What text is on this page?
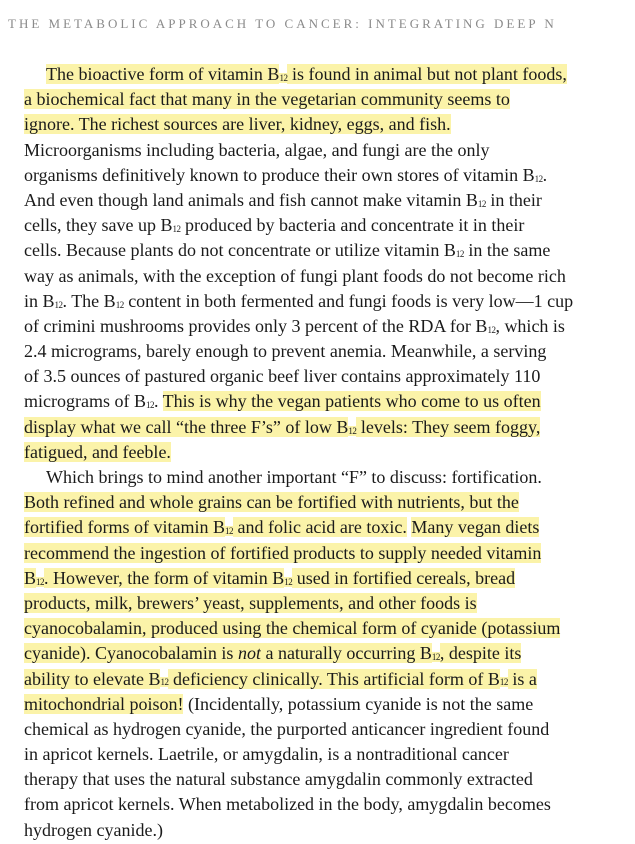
THE METABOLIC APPROACH TO CANCER: INTEGRATING DEEP N
The bioactive form of vitamin $B_{12}$ is found in animal but not plant foods,
a biochemical fact that many in the vegetarian community seems to
ignore. The richest sources are liver, kidney, eggs, and fish.
Microorganisms including bacteria, algae, and fungi are the only
organisms definitively known to produce their own stores of vitamin $B_{12}$.
And even though land animals and fish cannot make vitamin $B_{12}$ in their
cells, they save up $B_{12}$ produced by bacteria and concentrate it in their
cells. Because plants do not concentrate or utilize vitamin $B_{12}$ in the same
way as animals, with the exception of fungi plant foods do not become rich
in $B_{12}$. The $B_{12}$ content in both fermented and fungi foods is very low—1 cup
of crimini mushrooms provides only 3 percent of the RDA for $B_{12}$, which is
2.4 micrograms, barely enough to prevent anemia. Meanwhile, a serving
of 3.5 ounces of pastured organic beef liver contains approximately 110
micrograms of $B_{12}$. This is why the vegan patients who come to us often
display what we call “the three F’s” of low $B_{12}$ levels: They seem foggy,
fatigued, and feeble.
Which brings to mind another important “F” to discuss: fortification.
Both refined and whole grains can be fortified with nutrients, but the
fortified forms of vitamin $B_{12}$ and folic acid are toxic. Many vegan diets
recommend the ingestion of fortified products to supply needed vitamin
$B_{12}$. However, the form of vitamin $B_{12}$ used in fortified cereals, bread
products, milk, brewers’ yeast, supplements, and other foods is
cyanocobalamin, produced using the chemical form of cyanide (potassium
cyanide). Cyanocobalamin is not a naturally occurring $B_{12}$, despite its
ability to elevate $B_{12}$ deficiency clinically. This artificial form of $B_{12}$ is a
mitochondrial poison! (Incidentally, potassium cyanide is not the same
chemical as hydrogen cyanide, the purported anticancer ingredient found
in apricot kernels. Laetrile, or amygdalin, is a nontraditional cancer
therapy that uses the natural substance amygdalin commonly extracted
from apricot kernels. When metabolized in the body, amygdalin becomes
hydrogen cyanide.)
